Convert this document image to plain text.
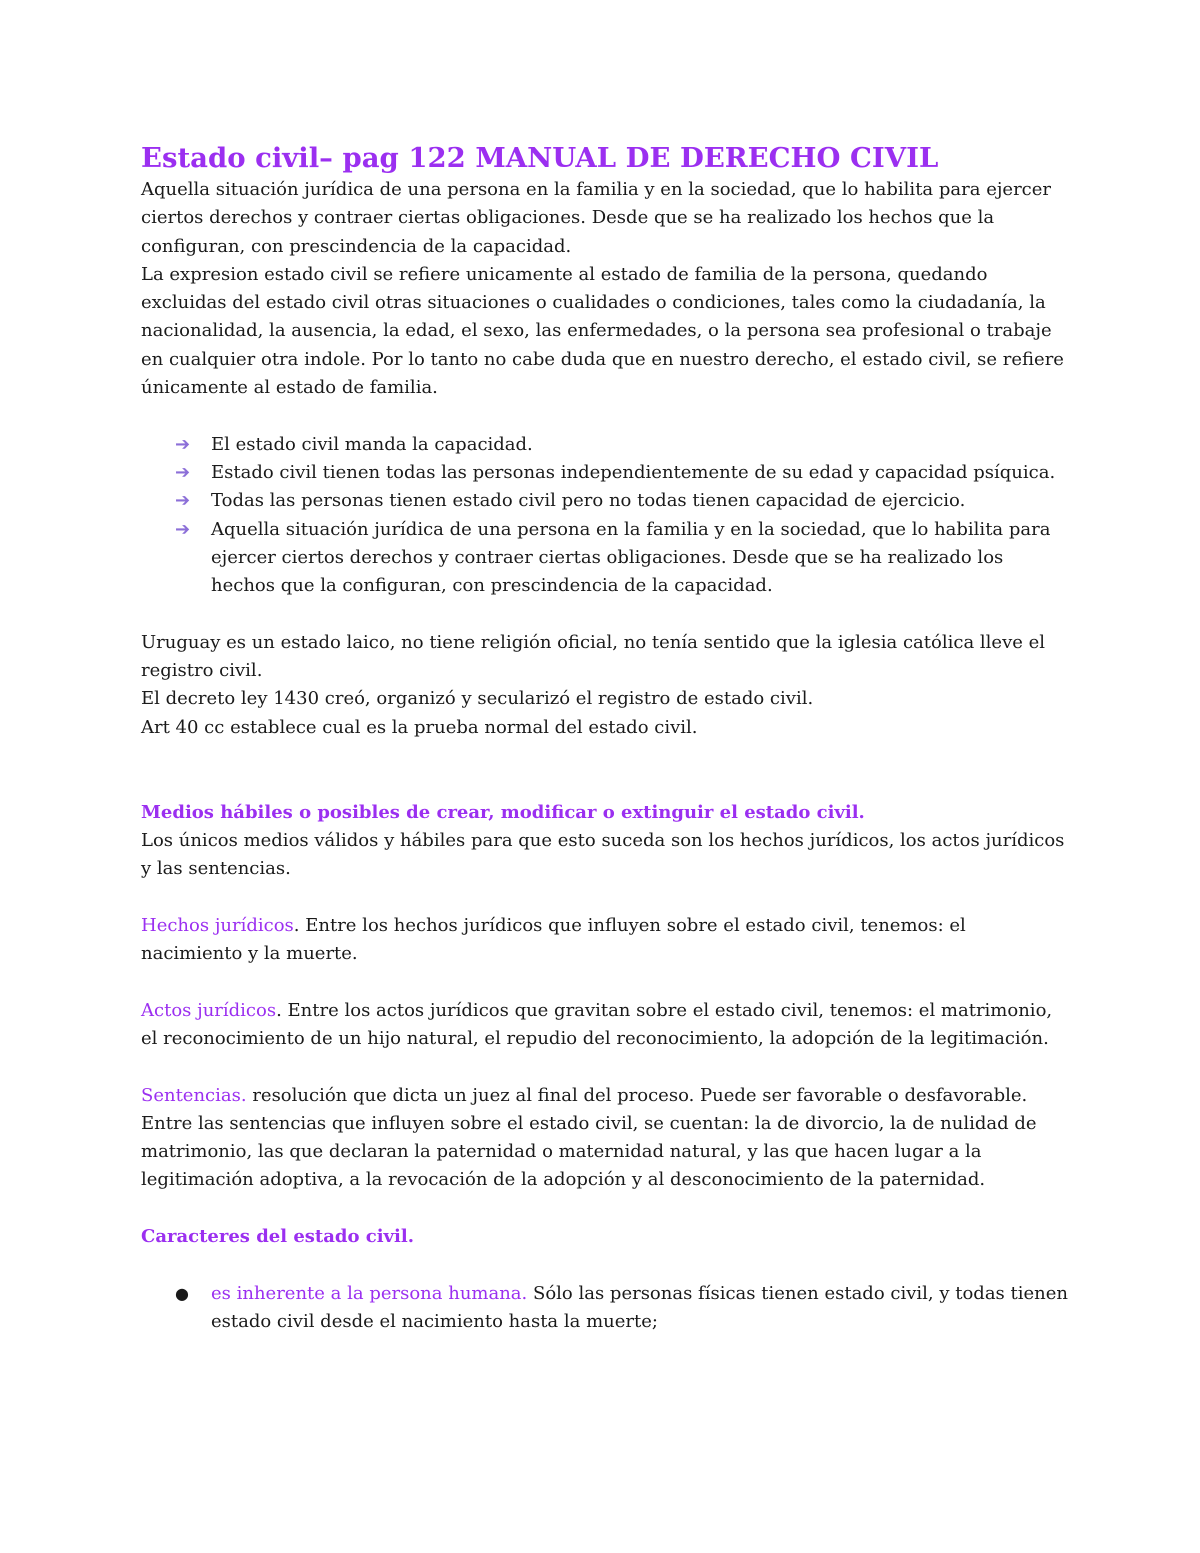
Estado civil– pag 122 MANUAL DE DERECHO CIVIL

Aquella situación jurídica de una persona en la familia y en la sociedad, que lo habilita para ejercer ciertos derechos y contraer ciertas obligaciones. Desde que se ha realizado los hechos que la configuran, con prescindencia de la capacidad.

La expresion estado civil se refiere unicamente al estado de familia de la persona, quedando excluidas del estado civil otras situaciones o cualidades o condiciones, tales como la ciudadanía, la nacionalidad, la ausencia, la edad, el sexo, las enfermedades, o la persona sea profesional o trabaje en cualquier otra indole. Por lo tanto no cabe duda que en nuestro derecho, el estado civil, se refiere únicamente al estado de familia.

➔ El estado civil manda la capacidad.
➔ Estado civil tienen todas las personas independientemente de su edad y capacidad psíquica.
➔ Todas las personas tienen estado civil pero no todas tienen capacidad de ejercicio.
➔ Aquella situación jurídica de una persona en la familia y en la sociedad, que lo habilita para ejercer ciertos derechos y contraer ciertas obligaciones. Desde que se ha realizado los hechos que la configuran, con prescindencia de la capacidad.

Uruguay es un estado laico, no tiene religión oficial, no tenía sentido que la iglesia católica lleve el registro civil.

El decreto ley 1430 creó, organizó y secularizó el registro de estado civil.

Art 40 cc establece cual es la prueba normal del estado civil.

Medios hábiles o posibles de crear, modificar o extinguir el estado civil.

Los únicos medios válidos y hábiles para que esto suceda son los hechos jurídicos, los actos jurídicos y las sentencias.

Hechos jurídicos. Entre los hechos jurídicos que influyen sobre el estado civil, tenemos: el nacimiento y la muerte.

Actos jurídicos. Entre los actos jurídicos que gravitan sobre el estado civil, tenemos: el matrimonio, el reconocimiento de un hijo natural, el repudio del reconocimiento, la adopción de la legitimación.

Sentencias. resolución que dicta un juez al final del proceso. Puede ser favorable o desfavorable.

Entre las sentencias que influyen sobre el estado civil, se cuentan: la de divorcio, la de nulidad de matrimonio, las que declaran la paternidad o maternidad natural, y las que hacen lugar a la legitimación adoptiva, a la revocación de la adopción y al desconocimiento de la paternidad.

Caracteres del estado civil.

● es inherente a la persona humana. Sólo las personas físicas tienen estado civil, y todas tienen estado civil desde el nacimiento hasta la muerte;
